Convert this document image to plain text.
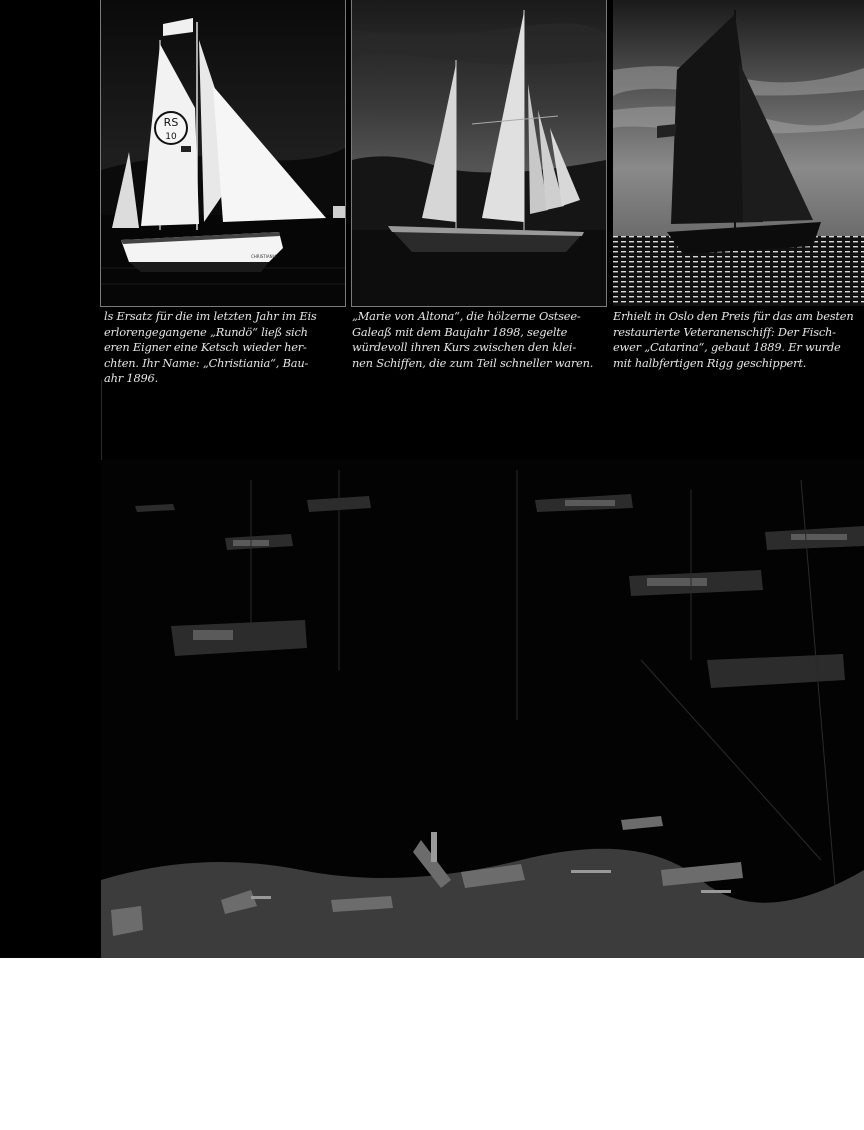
RS
10
CHRISTIANIA
ls Ersatz für die im letzten Jahr im Eis
erlorengegangene „Rundö“ ließ sich
eren Eigner eine Ketsch wieder her-
chten. Ihr Name: „Christiania“, Bau-
ahr 1896.
„Marie von Altona“, die hölzerne Ostsee-
Galeaß mit dem Baujahr 1898, segelte
würdevoll ihren Kurs zwischen den klei-
nen Schiffen, die zum Teil schneller waren.
Erhielt in Oslo den Preis für das am besten
restaurierte Veteranenschiff: Der Fisch-
ewer „Catarina“, gebaut 1889. Er wurde
mit halbfertigen Rigg geschippert.
